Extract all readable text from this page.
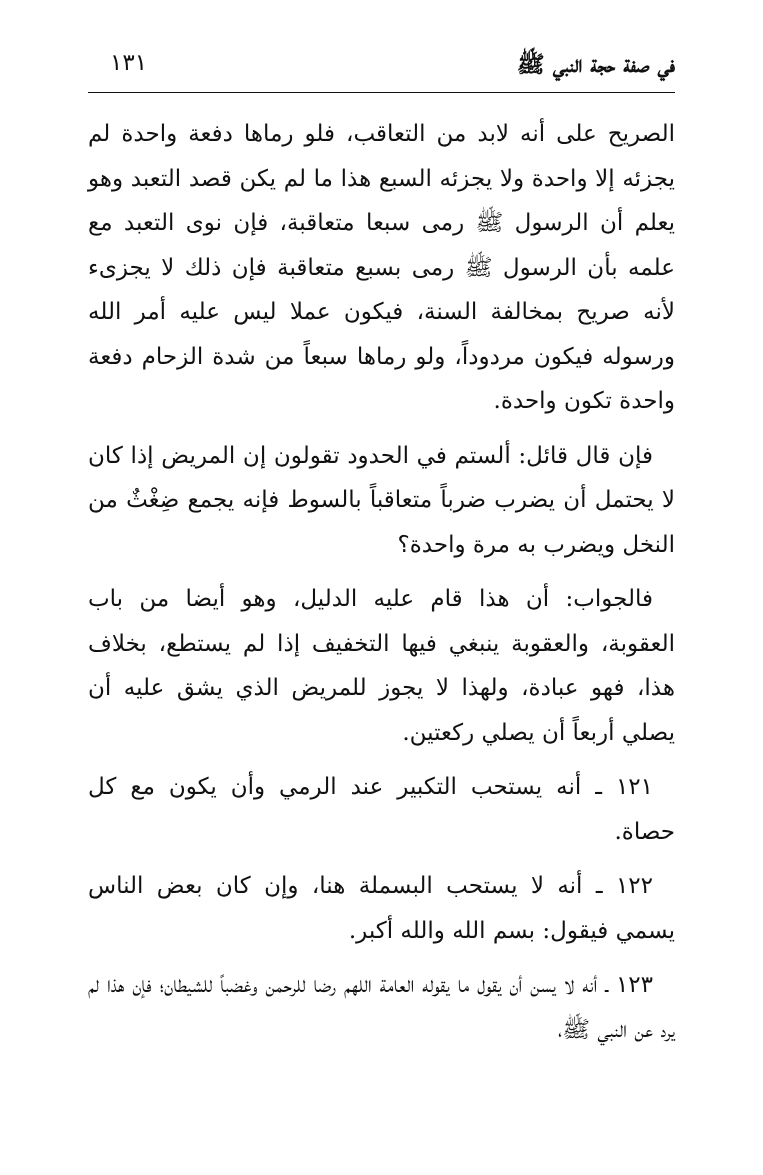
في صفة حجة النبي ﷺ
١٣١

الصريح على أنه لابد من التعاقب، فلو رماها دفعة واحدة لم يجزئه إلا واحدة ولا يجزئه السبع هذا ما لم يكن قصد التعبد وهو يعلم أن الرسول ﷺ رمى سبعا متعاقبة، فإن نوى التعبد مع علمه بأن الرسول ﷺ رمى بسبع متعاقبة فإن ذلك لا يجزىء لأنه صريح بمخالفة السنة، فيكون عملا ليس عليه أمر الله ورسوله فيكون مردوداً، ولو رماها سبعاً من شدة الزحام دفعة واحدة تكون واحدة.

فإن قال قائل: ألستم في الحدود تقولون إن المريض إذا كان لا يحتمل أن يضرب ضرباً متعاقباً بالسوط فإنه يجمع ضِغْثٌ من النخل ويضرب به مرة واحدة؟

فالجواب: أن هذا قام عليه الدليل، وهو أيضا من باب العقوبة، والعقوبة ينبغي فيها التخفيف إذا لم يستطع، بخلاف هذا، فهو عبادة، ولهذا لا يجوز للمريض الذي يشق عليه أن يصلي أربعاً أن يصلي ركعتين.

١٢١ ـ أنه يستحب التكبير عند الرمي وأن يكون مع كل حصاة.

١٢٢ ـ أنه لا يستحب البسملة هنا، وإن كان بعض الناس يسمي فيقول: بسم الله والله أكبر.

١٢٣ ـ أنه لا يسن أن يقول ما يقوله العامة اللهم رضا للرحمن وغضباً للشيطان؛ فإن هذا لم يرد عن النبي ﷺ،
